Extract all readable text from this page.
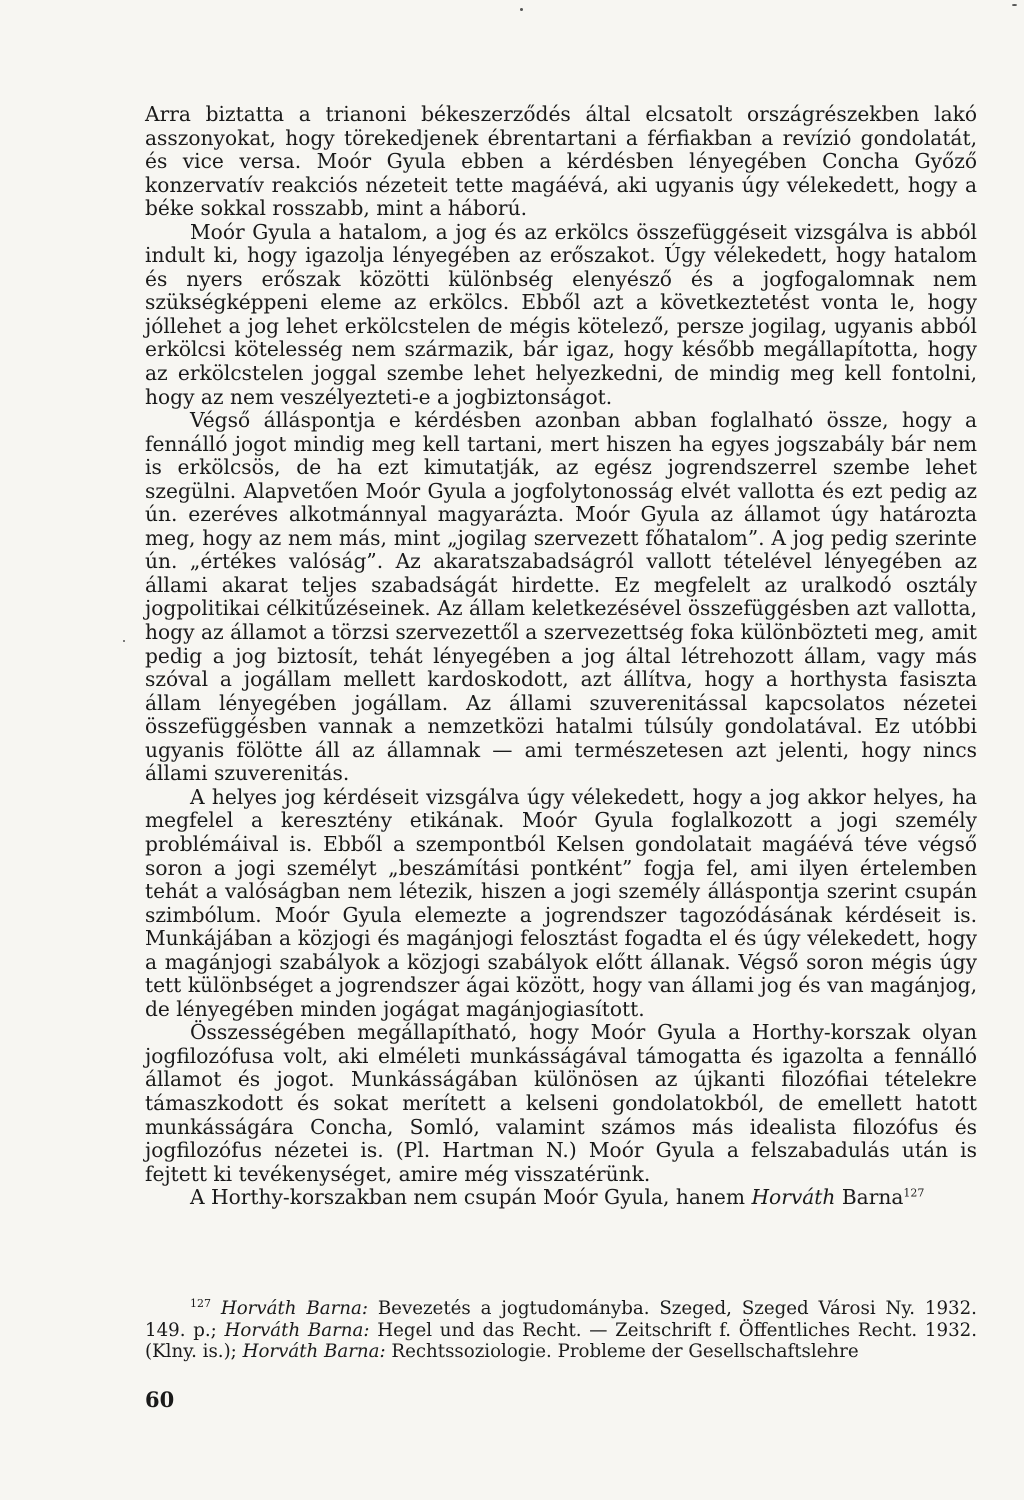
Arra biztatta a trianoni békeszerződés által elcsatolt országrészekben lakó asszonyokat, hogy törekedjenek ébrentartani a férfiakban a revízió gondolatát, és vice versa. Moór Gyula ebben a kérdésben lényegében Concha Győző konzervatív reakciós nézeteit tette magáévá, aki ugyanis úgy vélekedett, hogy a béke sokkal rosszabb, mint a háború.

Moór Gyula a hatalom, a jog és az erkölcs összefüggéseit vizsgálva is abból indult ki, hogy igazolja lényegében az erőszakot. Úgy vélekedett, hogy hatalom és nyers erőszak közötti különbség elenyésző és a jogfogalomnak nem szükségképpeni eleme az erkölcs. Ebből azt a következtetést vonta le, hogy jóllehet a jog lehet erkölcstelen de mégis kötelező, persze jogilag, ugyanis abból erkölcsi kötelesség nem származik, bár igaz, hogy később megállapította, hogy az erkölcstelen joggal szembe lehet helyezkedni, de mindig meg kell fontolni, hogy az nem veszélyezteti-e a jogbiztonságot.

Végső álláspontja e kérdésben azonban abban foglalható össze, hogy a fennálló jogot mindig meg kell tartani, mert hiszen ha egyes jogszabály bár nem is erkölcsös, de ha ezt kimutatják, az egész jogrendszerrel szembe lehet szegülni. Alapvetően Moór Gyula a jogfolytonosság elvét vallotta és ezt pedig az ún. ezeréves alkotmánnyal magyarázta. Moór Gyula az államot úgy határozta meg, hogy az nem más, mint „jogilag szervezett főhatalom”. A jog pedig szerinte ún. „értékes valóság”. Az akaratszabadságról vallott tételével lényegében az állami akarat teljes szabadságát hirdette. Ez megfelelt az uralkodó osztály jogpolitikai célkitűzéseinek. Az állam keletkezésével összefüggésben azt vallotta, hogy az államot a törzsi szervezettől a szervezettség foka különbözteti meg, amit pedig a jog biztosít, tehát lényegében a jog által létrehozott állam, vagy más szóval a jogállam mellett kardoskodott, azt állítva, hogy a horthysta fasiszta állam lényegében jogállam. Az állami szuverenitással kapcsolatos nézetei összefüggésben vannak a nemzetközi hatalmi túlsúly gondolatával. Ez utóbbi ugyanis fölötte áll az államnak — ami természetesen azt jelenti, hogy nincs állami szuverenitás.

A helyes jog kérdéseit vizsgálva úgy vélekedett, hogy a jog akkor helyes, ha megfelel a keresztény etikának. Moór Gyula foglalkozott a jogi személy problémáival is. Ebből a szempontból Kelsen gondolatait magáévá téve végső soron a jogi személyt „beszámítási pontként” fogja fel, ami ilyen értelemben tehát a valóságban nem létezik, hiszen a jogi személy álláspontja szerint csupán szimbólum. Moór Gyula elemezte a jogrendszer tagozódásának kérdéseit is. Munkájában a közjogi és magánjogi felosztást fogadta el és úgy vélekedett, hogy a magánjogi szabályok a közjogi szabályok előtt állanak. Végső soron mégis úgy tett különbséget a jogrendszer ágai között, hogy van állami jog és van magánjog, de lényegében minden jogágat magánjogiasított.

Összességében megállapítható, hogy Moór Gyula a Horthy-korszak olyan jogfilozófusa volt, aki elméleti munkásságával támogatta és igazolta a fennálló államot és jogot. Munkásságában különösen az újkanti filozófiai tételekre támaszkodott és sokat merített a kelseni gondolatokból, de emellett hatott munkásságára Concha, Somló, valamint számos más idealista filozófus és jogfilozófus nézetei is. (Pl. Hartman N.) Moór Gyula a felszabadulás után is fejtett ki tevékenységet, amire még visszatérünk.

A Horthy-korszakban nem csupán Moór Gyula, hanem Horváth Barna$^{127}$

$^{127}$ Horváth Barna: Bevezetés a jogtudományba. Szeged, Szeged Városi Ny. 1932. 149. p.; Horváth Barna: Hegel und das Recht. — Zeitschrift f. Öffentliches Recht. 1932. (Klny. is.); Horváth Barna: Rechtssoziologie. Probleme der Gesellschaftslehre

60
